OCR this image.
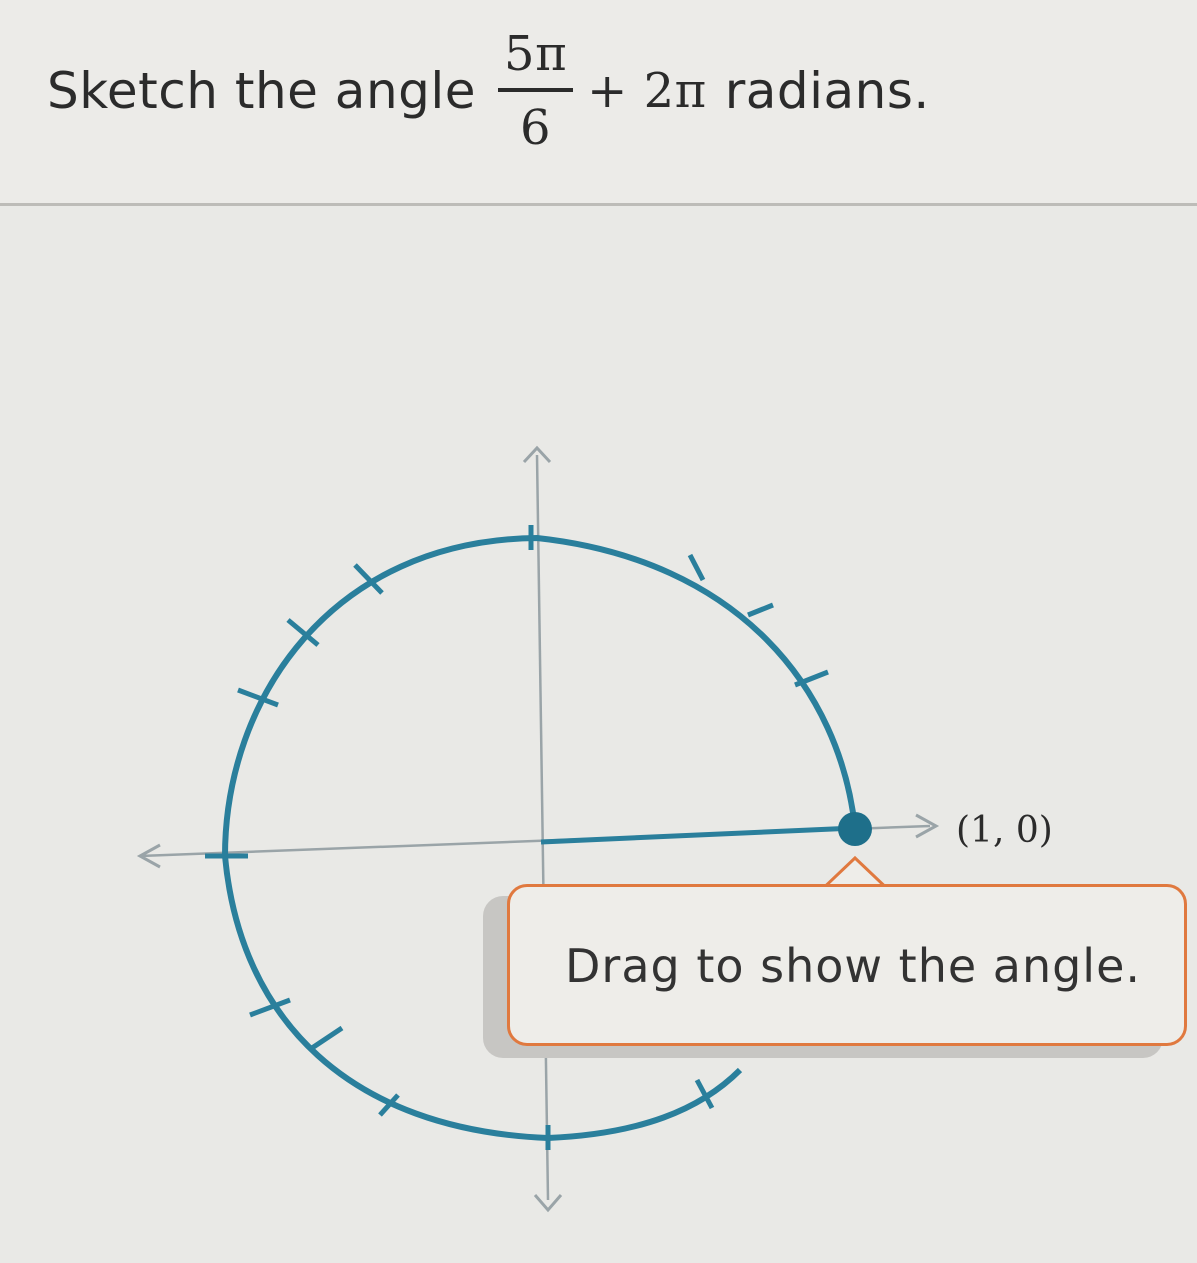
Sketch the angle $\frac{5\pi}{6} + 2\pi$ radians.
(1, 0)
Drag to show the angle.
